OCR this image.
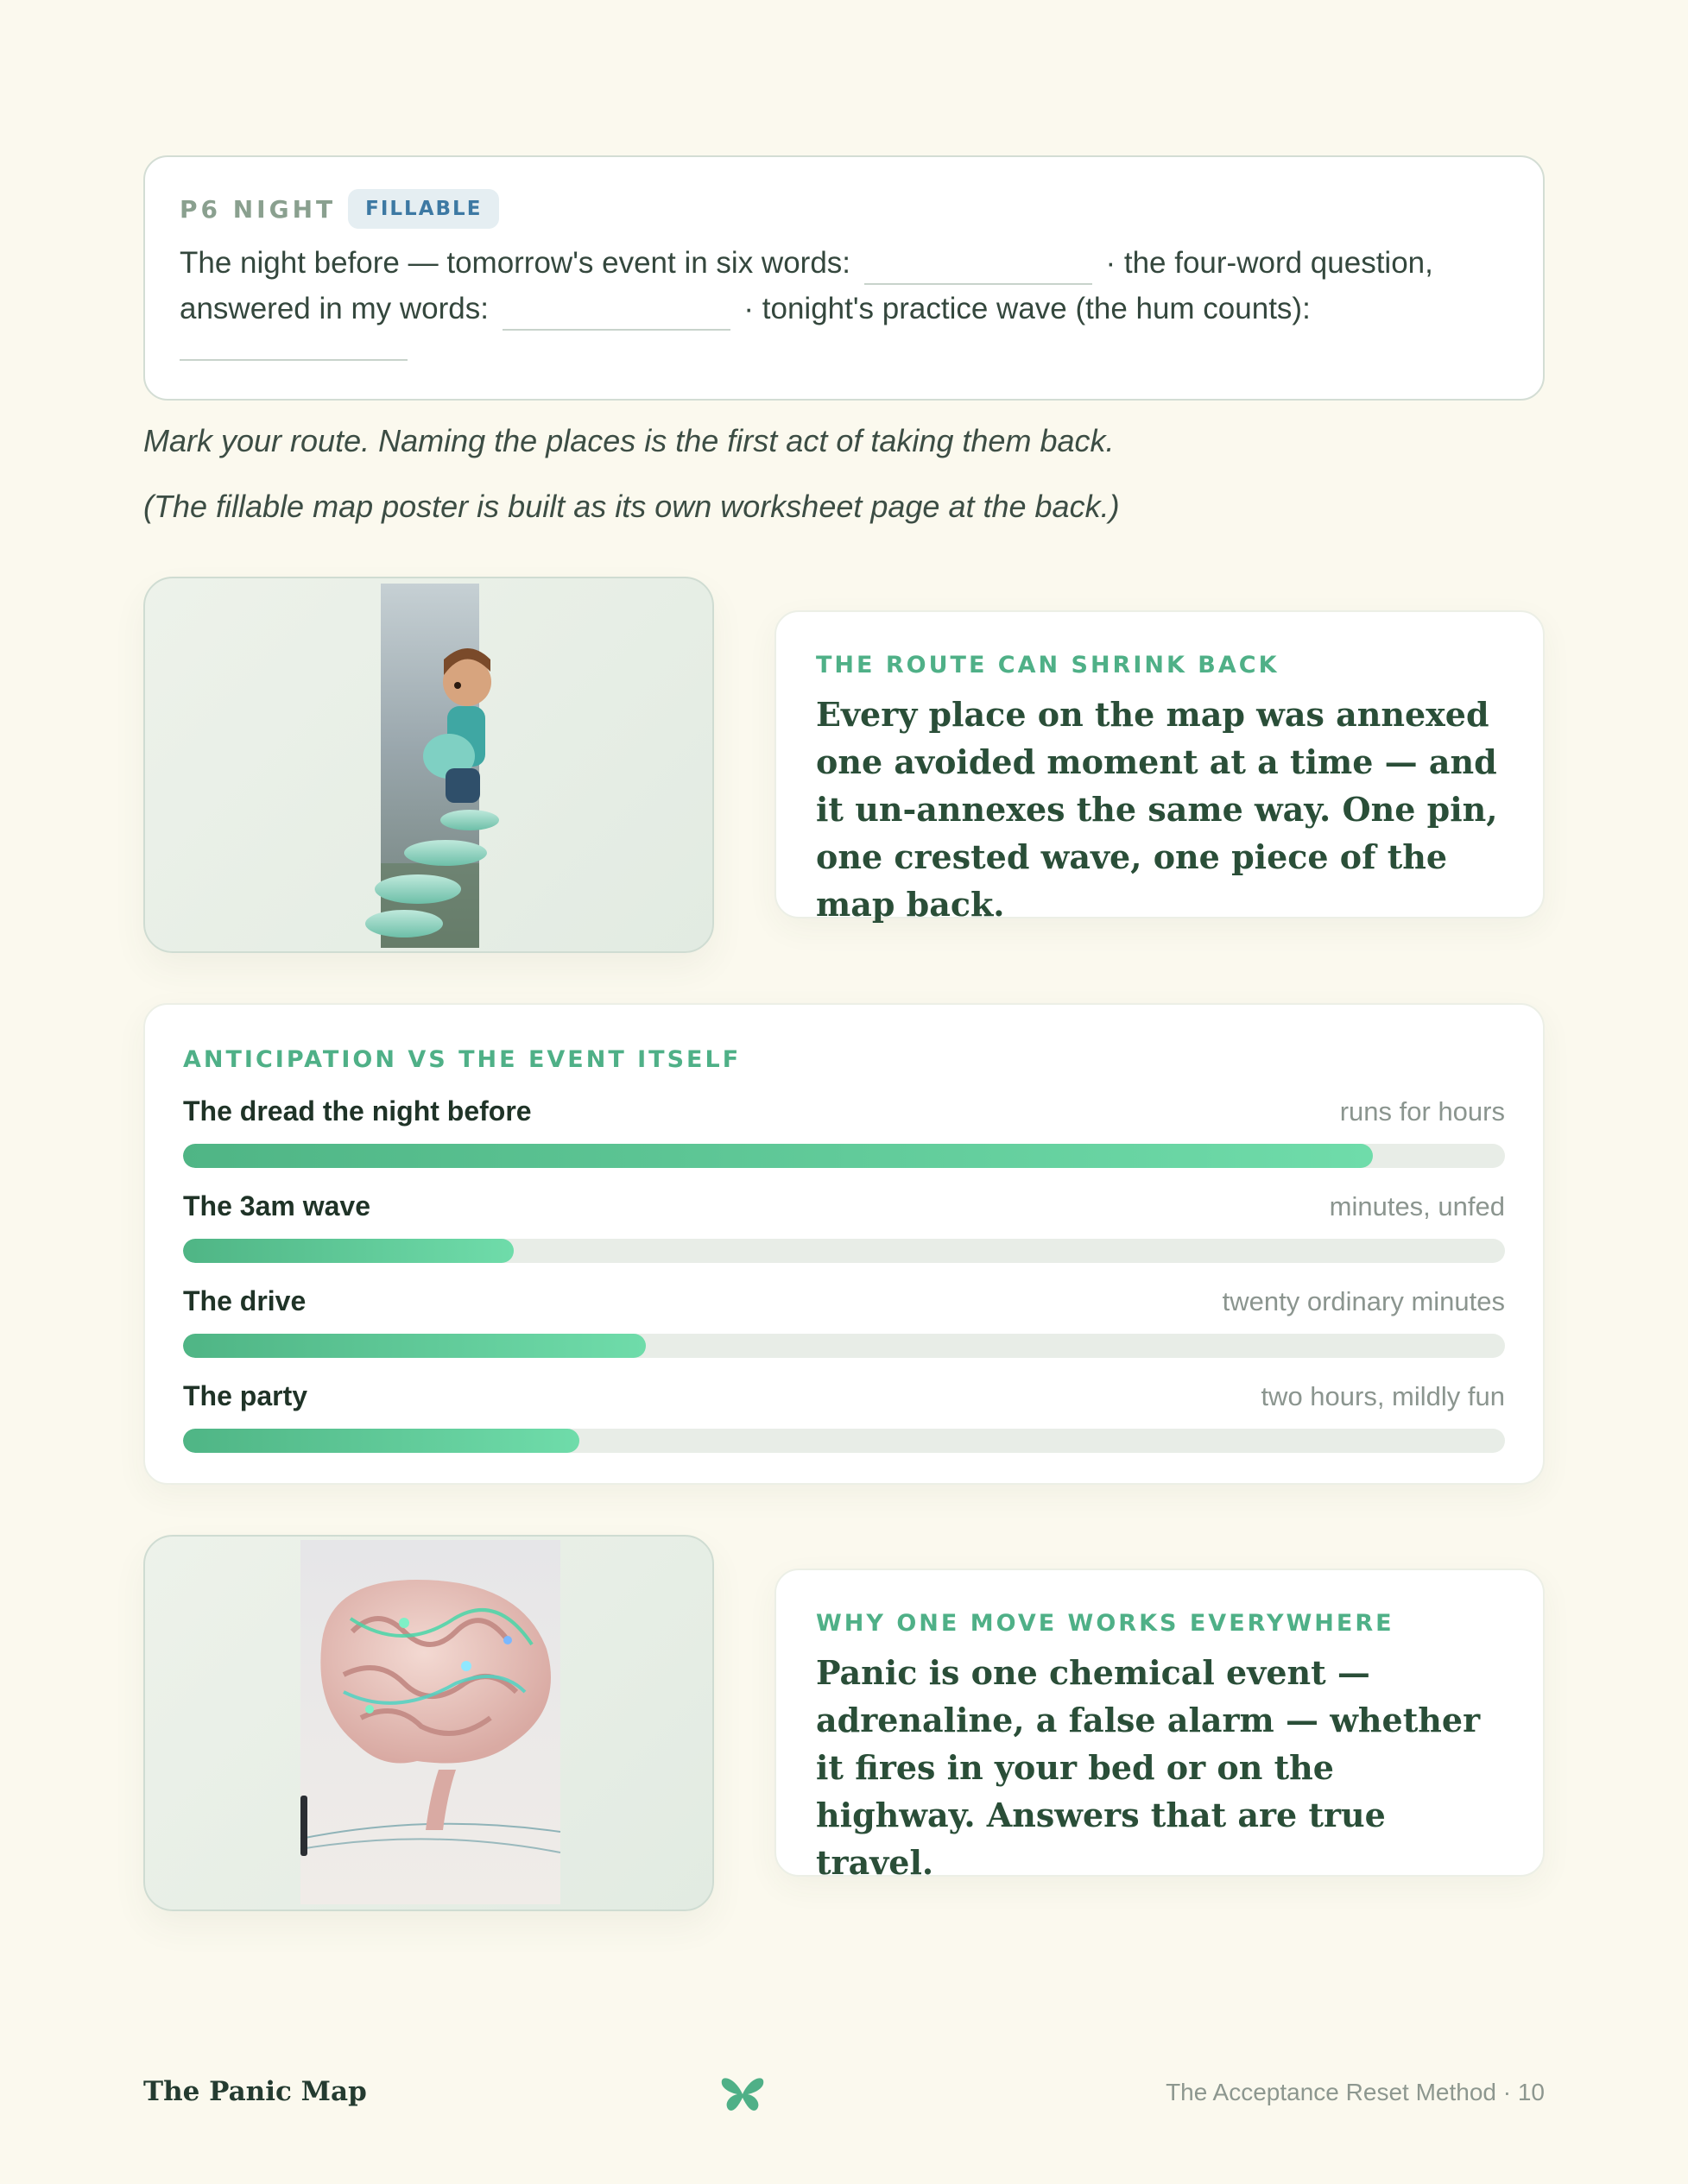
P6 NIGHT	FILLABLE
The night before — tomorrow's event in six words:	· the four-word question, answered in my words:	· tonight's practice wave (the hum counts):
Mark your route. Naming the places is the first act of taking them back.
(The fillable map poster is built as its own worksheet page at the back.)
THE ROUTE CAN SHRINK BACK
Every place on the map was annexed one avoided moment at a time — and it un-annexes the same way. One pin, one crested wave, one piece of the map back.
ANTICIPATION VS THE EVENT ITSELF
The dread the night before	runs for hours
The 3am wave	minutes, unfed
The drive	twenty ordinary minutes
The party	two hours, mildly fun
WHY ONE MOVE WORKS EVERYWHERE
Panic is one chemical event — adrenaline, a false alarm — whether it fires in your bed or on the highway. Answers that are true travel.
The Panic Map	The Acceptance Reset Method · 10
